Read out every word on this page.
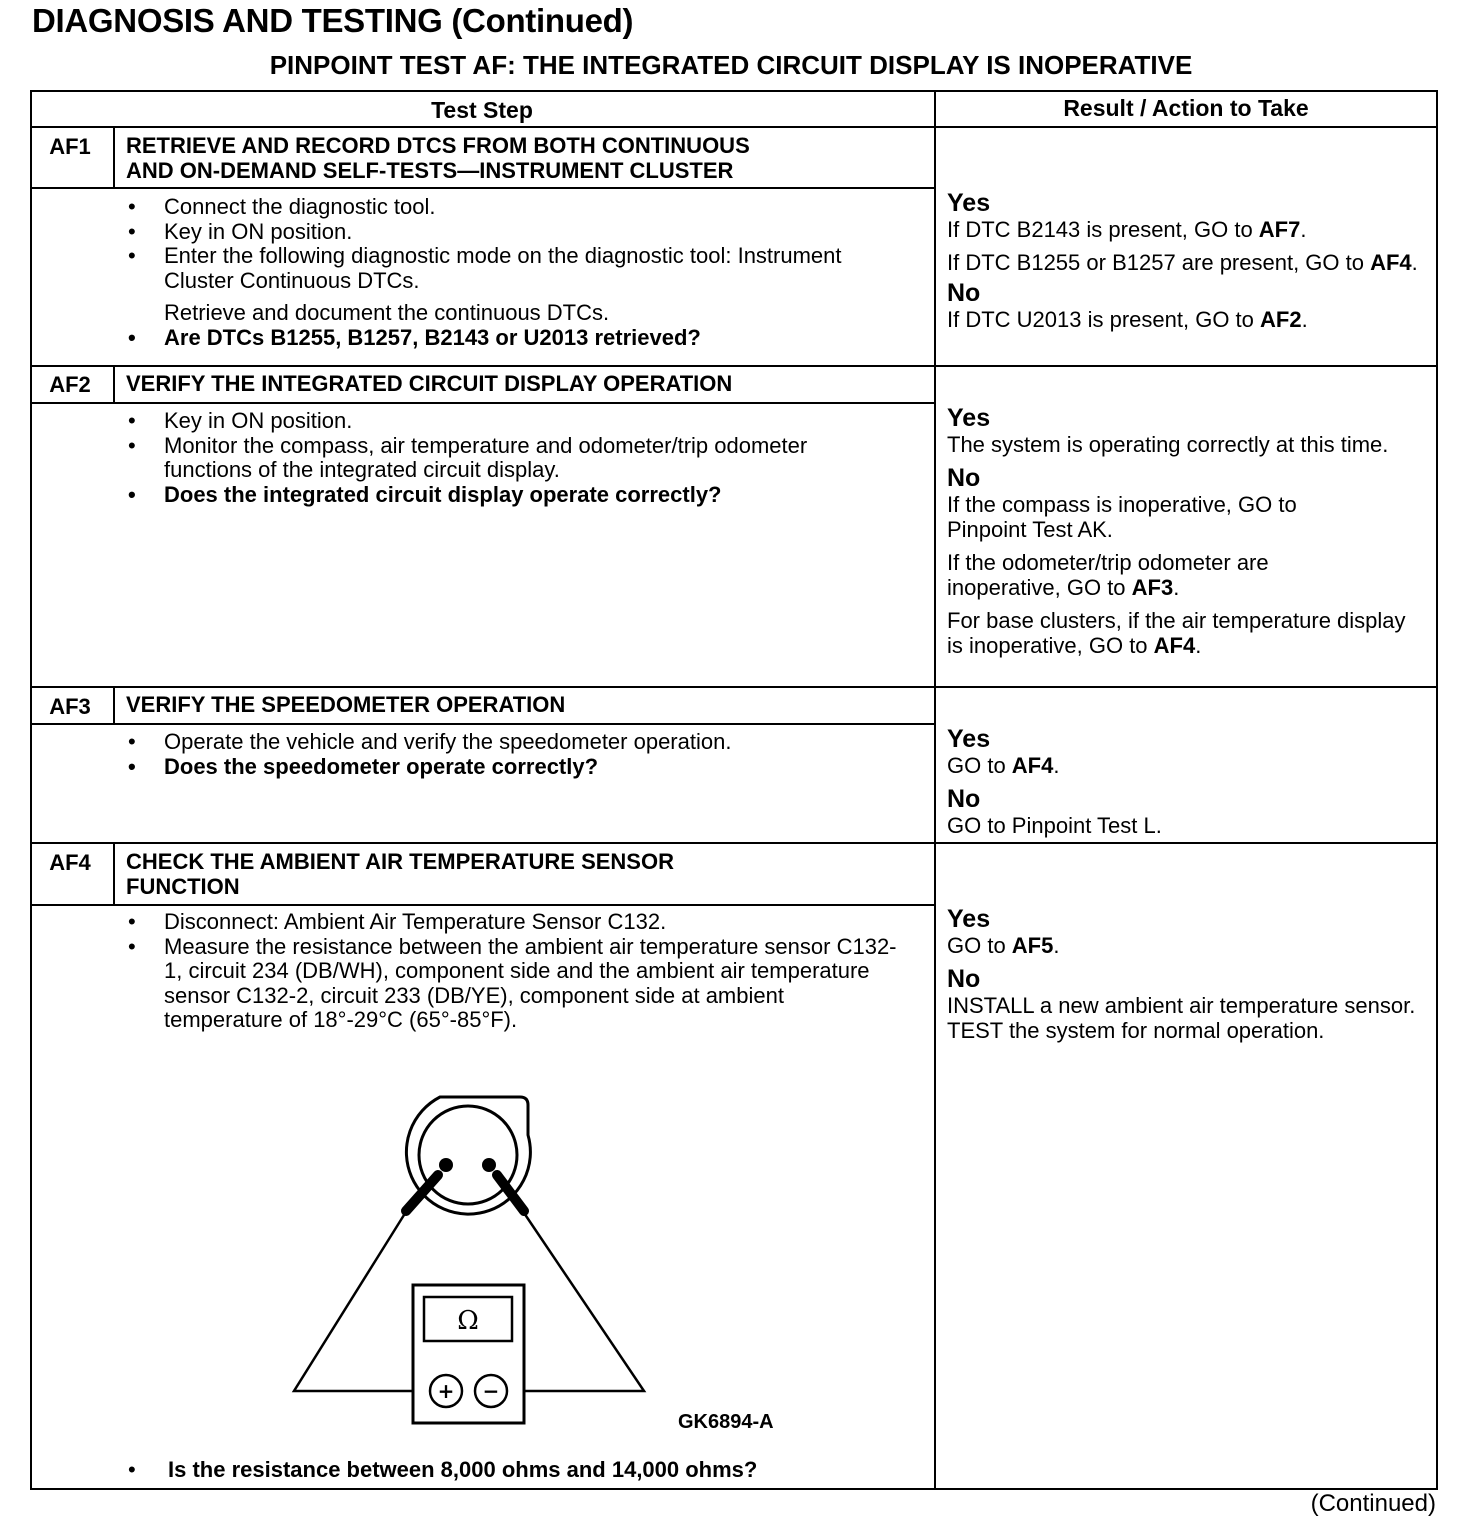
DIAGNOSIS AND TESTING (Continued)
PINPOINT TEST AF: THE INTEGRATED CIRCUIT DISPLAY IS INOPERATIVE
Test Step	Result / Action to Take
AF1	RETRIEVE AND RECORD DTCS FROM BOTH CONTINUOUS
AND ON-DEMAND SELF-TESTS—INSTRUMENT CLUSTER
• Connect the diagnostic tool.
• Key in ON position.
• Enter the following diagnostic mode on the diagnostic tool: Instrument Cluster Continuous DTCs.
Retrieve and document the continuous DTCs.
• Are DTCs B1255, B1257, B2143 or U2013 retrieved?
Yes

If DTC B2143 is present, GO to AF7.

If DTC B1255 or B1257 are present, GO to AF4.

No

If DTC U2013 is present, GO to AF2.

AF2	VERIFY THE INTEGRATED CIRCUIT DISPLAY OPERATION
• Key in ON position.
• Monitor the compass, air temperature and odometer/trip odometer functions of the integrated circuit display.
• Does the integrated circuit display operate correctly?
Yes

The system is operating correctly at this time.

No

If the compass is inoperative, GO to Pinpoint Test AK.

If the odometer/trip odometer are inoperative, GO to AF3.

For base clusters, if the air temperature display is inoperative, GO to AF4.

AF3	VERIFY THE SPEEDOMETER OPERATION
• Operate the vehicle and verify the speedometer operation.
• Does the speedometer operate correctly?
Yes

GO to AF4.

No

GO to Pinpoint Test L.

AF4	CHECK THE AMBIENT AIR TEMPERATURE SENSOR
FUNCTION
• Disconnect: Ambient Air Temperature Sensor C132.
• Measure the resistance between the ambient air temperature sensor C132-1, circuit 234 (DB/WH), component side and the ambient air temperature sensor C132-2, circuit 233 (DB/YE), component side at ambient temperature of 18°-29°C (65°-85°F).
Ω
+ −
GK6894-A
• Is the resistance between 8,000 ohms and 14,000 ohms?
Yes

GO to AF5.

No

INSTALL a new ambient air temperature sensor. TEST the system for normal operation.

(Continued)
